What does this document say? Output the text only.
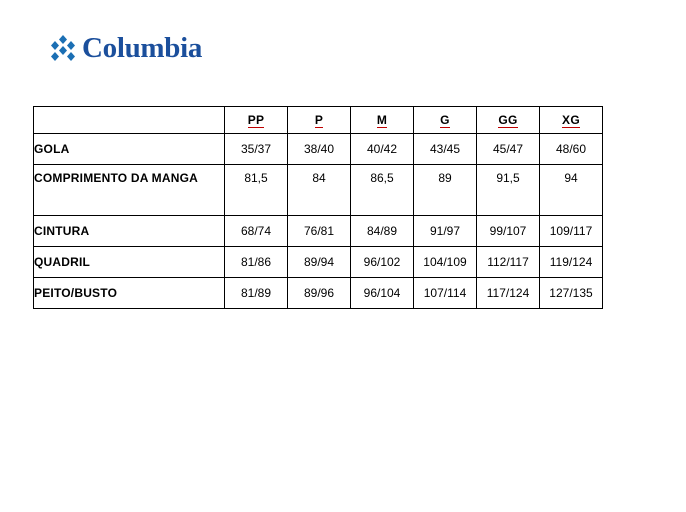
Columbia
	PP	P	M	G	GG	XG
GOLA	35/37	38/40	40/42	43/45	45/47	48/60
COMPRIMENTO DA MANGA	81,5	84	86,5	89	91,5	94
CINTURA	68/74	76/81	84/89	91/97	99/107	109/117
QUADRIL	81/86	89/94	96/102	104/109	112/117	119/124
PEITO/BUSTO	81/89	89/96	96/104	107/114	117/124	127/135
